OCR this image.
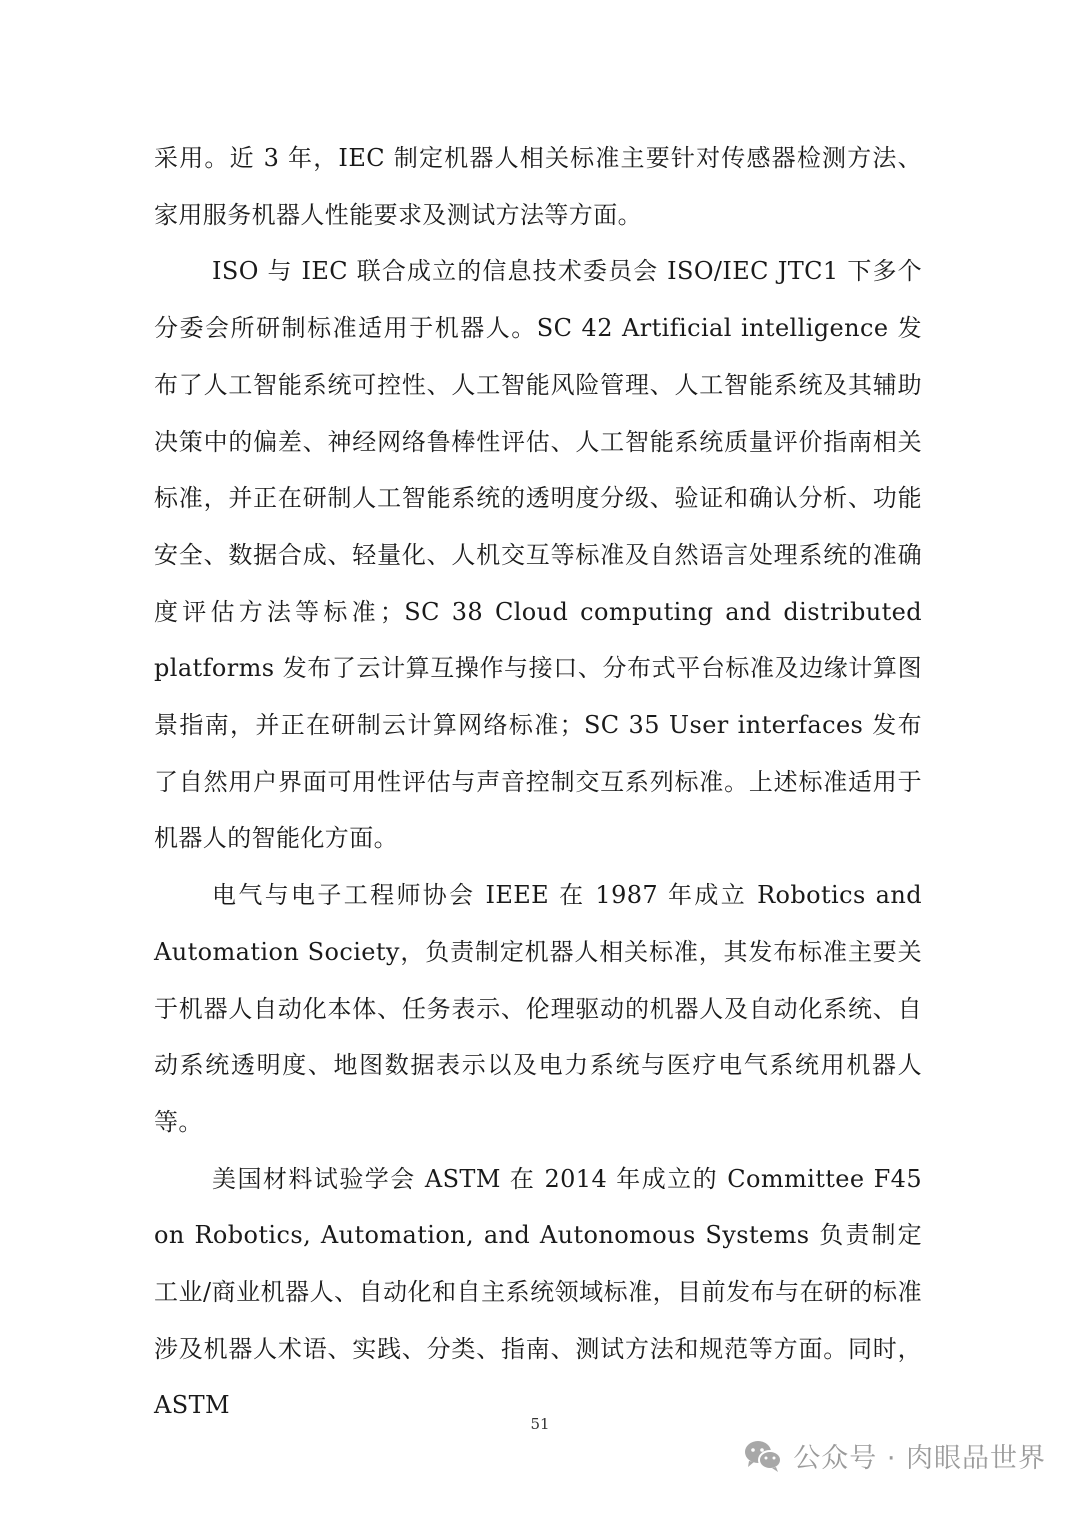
采用。近 3 年，IEC 制定机器人相关标准主要针对传感器检测方法、家用服务机器人性能要求及测试方法等方面。

ISO 与 IEC 联合成立的信息技术委员会 ISO/IEC JTC1 下多个分委会所研制标准适用于机器人。SC 42 Artificial intelligence 发布了人工智能系统可控性、人工智能风险管理、人工智能系统及其辅助决策中的偏差、神经网络鲁棒性评估、人工智能系统质量评价指南相关标准，并正在研制人工智能系统的透明度分级、验证和确认分析、功能安全、数据合成、轻量化、人机交互等标准及自然语言处理系统的准确度评估方法等标准；SC 38 Cloud computing and distributed platforms 发布了云计算互操作与接口、分布式平台标准及边缘计算图景指南，并正在研制云计算网络标准；SC 35 User interfaces 发布了自然用户界面可用性评估与声音控制交互系列标准。上述标准适用于机器人的智能化方面。

电气与电子工程师协会 IEEE 在 1987 年成立 Robotics and Automation Society，负责制定机器人相关标准，其发布标准主要关于机器人自动化本体、任务表示、伦理驱动的机器人及自动化系统、自动系统透明度、地图数据表示以及电力系统与医疗电气系统用机器人等。

美国材料试验学会 ASTM 在 2014 年成立的 Committee F45 on Robotics, Automation, and Autonomous Systems 负责制定工业/商业机器人、自动化和自主系统领域标准，目前发布与在研的标准涉及机器人术语、实践、分类、指南、测试方法和规范等方面。同时，ASTM

51
公众号 · 肉眼品世界
